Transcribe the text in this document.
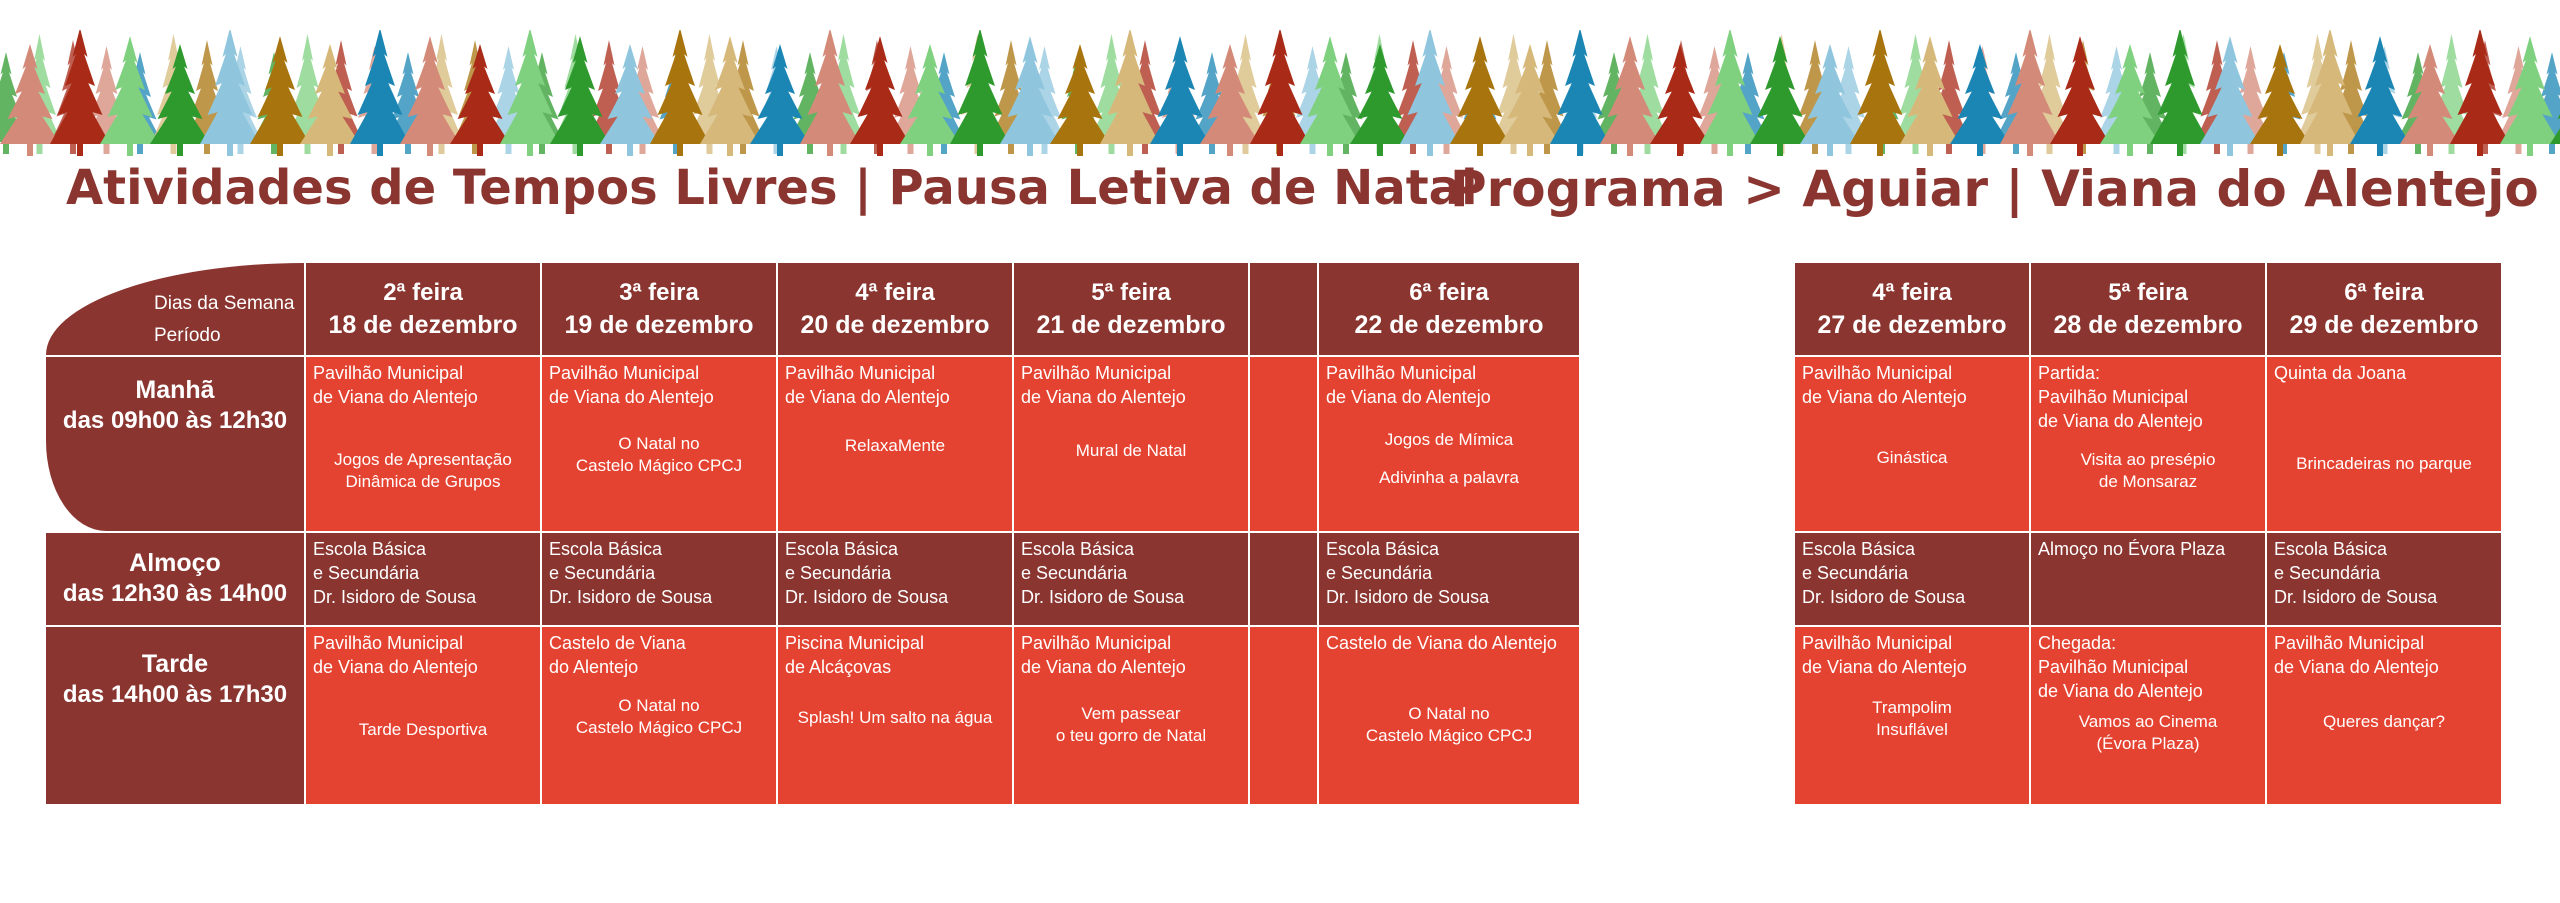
Atividades de Tempos Livres | Pausa Letiva de Natal
Programa > Aguiar | Viana do Alentejo
Dias da Semana
Período
2ª feira
18 de dezembro
3ª feira
19 de dezembro
4ª feira
20 de dezembro
5ª feira
21 de dezembro
6ª feira
22 de dezembro
Manhã
das 09h00 às 12h30
Pavilhão Municipal
de Viana do Alentejo
Jogos de Apresentação
Dinâmica de Grupos
Pavilhão Municipal
de Viana do Alentejo
O Natal no
Castelo Mágico CPCJ
Pavilhão Municipal
de Viana do Alentejo
RelaxaMente
Pavilhão Municipal
de Viana do Alentejo
Mural de Natal
Pavilhão Municipal
de Viana do Alentejo
Jogos de Mímica
Adivinha a palavra
Almoço
das 12h30 às 14h00
Escola Básica
e Secundária
Dr. Isidoro de Sousa
Escola Básica
e Secundária
Dr. Isidoro de Sousa
Escola Básica
e Secundária
Dr. Isidoro de Sousa
Escola Básica
e Secundária
Dr. Isidoro de Sousa
Escola Básica
e Secundária
Dr. Isidoro de Sousa
Tarde
das 14h00 às 17h30
Pavilhão Municipal
de Viana do Alentejo
Tarde Desportiva
Castelo de Viana
do Alentejo
O Natal no
Castelo Mágico CPCJ
Piscina Municipal
de Alcáçovas
Splash! Um salto na água
Pavilhão Municipal
de Viana do Alentejo
Vem passear
o teu gorro de Natal
Castelo de Viana do Alentejo
O Natal no
Castelo Mágico CPCJ
4ª feira
27 de dezembro
5ª feira
28 de dezembro
6ª feira
29 de dezembro
Pavilhão Municipal
de Viana do Alentejo
Ginástica
Partida:
Pavilhão Municipal
de Viana do Alentejo
Visita ao presépio
de Monsaraz
Quinta da Joana
Brincadeiras no parque
Escola Básica
e Secundária
Dr. Isidoro de Sousa
Almoço no Évora Plaza	Escola Básica
e Secundária
Dr. Isidoro de Sousa
Pavilhão Municipal
de Viana do Alentejo
Trampolim
Insuflável
Chegada:
Pavilhão Municipal
de Viana do Alentejo
Vamos ao Cinema
(Évora Plaza)
Pavilhão Municipal
de Viana do Alentejo
Queres dançar?
